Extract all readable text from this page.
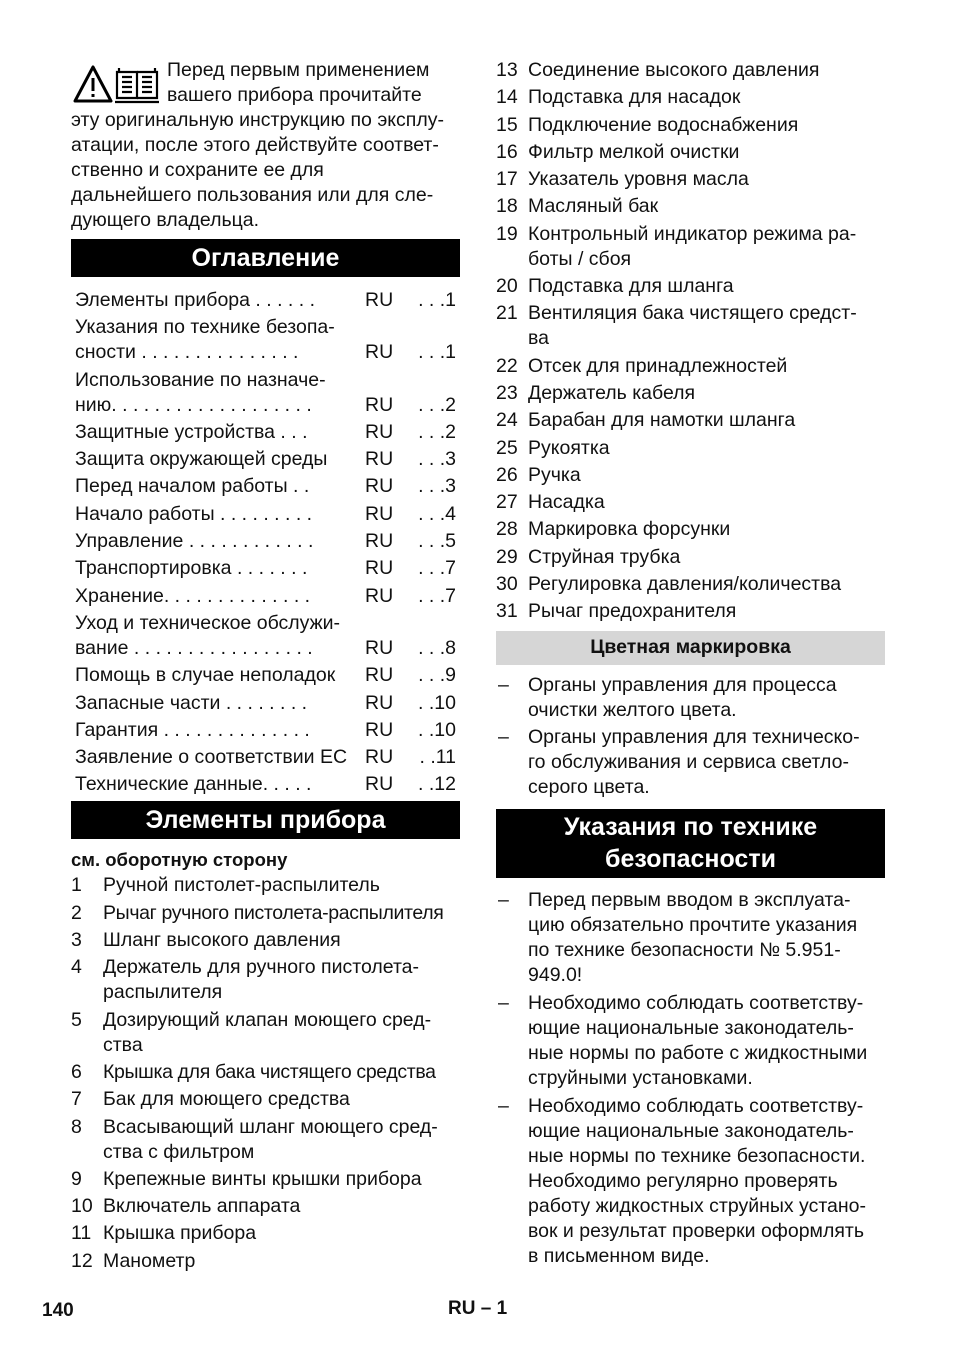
Перед первым применением
вашего прибора прочитайте
эту оригинальную инструкцию по эксплу-
атации, после этого действуйте соответ-
ственно и сохраните ее для
дальнейшего пользования или для сле-
дующего владельца.
Оглавление
Элементы прибора . . . . . .	RU . . .1
Указания по технике безопа-
сности . . . . . . . . . . . . . . .	RU . . .1
Использование по назначе-
нию. . . . . . . . . . . . . . . . . . .	RU . . .2
Защитные устройства . . .	RU . . .2
Защита окружающей среды	RU . . .3
Перед началом работы . .	RU . . .3
Начало работы . . . . . . . . .	RU . . .4
Управление . . . . . . . . . . . .	RU . . .5
Транспортировка . . . . . . .	RU . . .7
Хранение. . . . . . . . . . . . . .	RU . . .7
Уход и техническое обслужи-
вание . . . . . . . . . . . . . . . . .	RU . . .8
Помощь в случае неполадок	RU . . .9
Запасные части . . . . . . . .	RU . .10
Гарантия . . . . . . . . . . . . . .	RU . .10
Заявление о соответствии ЕС RU . .11
Технические данные. . . . .	RU . .12
Элементы прибора
см. оборотную сторону
1 Ручной пистолет-распылитель
2 Рычаг ручного пистолета-распылителя
3 Шланг высокого давления
4 Держатель для ручного пистолета-
распылителя
5 Дозирующий клапан моющего сред-
ства
6 Крышка для бака чистящего средства
7 Бак для моющего средства
8 Всасывающий шланг моющего сред-
ства с фильтром
9 Крепежные винты крышки прибора
10 Включатель аппарата
11 Крышка прибора
12 Манометр
13 Соединение высокого давления
14 Подставка для насадок
15 Подключение водоснабжения
16 Фильтр мелкой очистки
17 Указатель уровня масла
18 Масляный бак
19 Контрольный индикатор режима ра-
боты / сбоя
20 Подставка для шланга
21 Вентиляция бака чистящего средст-
ва
22 Отсек для принадлежностей
23 Держатель кабеля
24 Барабан для намотки шланга
25 Рукоятка
26 Ручка
27 Насадка
28 Маркировка форсунки
29 Струйная трубка
30 Регулировка давления/количества
31 Рычаг предохранителя
Цветная маркировка
– Органы управления для процесса
очистки желтого цвета.
– Органы управления для техническо-
го обслуживания и сервиса светло-
серого цвета.
Указания по технике
безопасности
– Перед первым вводом в эксплуата-
цию обязательно прочтите указания
по технике безопасности № 5.951-
949.0!
– Необходимо соблюдать соответству-
ющие национальные законодатель-
ные нормы по работе с жидкостными
струйными установками.
– Необходимо соблюдать соответству-
ющие национальные законодатель-
ные нормы по технике безопасности.
Необходимо регулярно проверять
работу жидкостных струйных устано-
вок и результат проверки оформлять
в письменном виде.
140	RU – 1
